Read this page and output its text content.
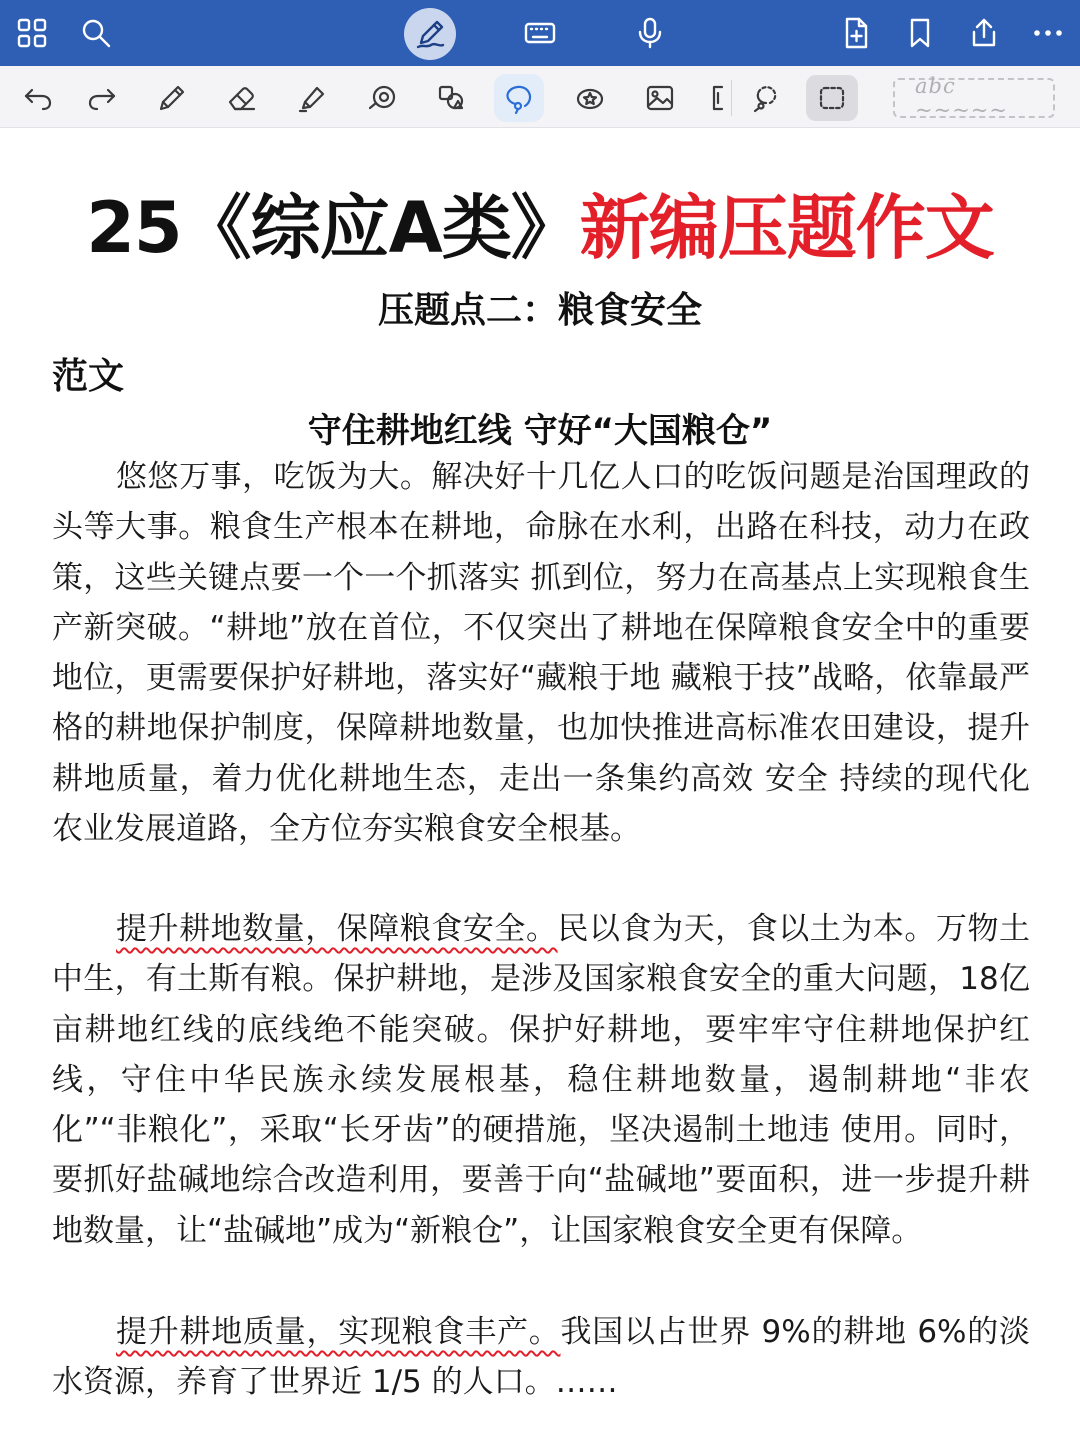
abc ~~~~~
25《综应A类》新编压题作文
压题点二：粮食安全
范文
守住耕地红线 守好“大国粮仓”
悠悠万事，吃饭为大。解决好十几亿人口的吃饭问题是治国理政的头等大事。粮食生产根本在耕地，命脉在水利，出路在科技，动力在政策，这些关键点要一个一个抓落实 抓到位，努力在高基点上实现粮食生产新突破。“耕地”放在首位，不仅突出了耕地在保障粮食安全中的重要地位，更需要保护好耕地，落实好“藏粮于地 藏粮于技”战略，依靠最严格的耕地保护制度，保障耕地数量，也加快推进高标准农田建设，提升耕地质量，着力优化耕地生态，走出一条集约高效 安全 持续的现代化农业发展道路，全方位夯实粮食安全根基。
提升耕地数量，保障粮食安全。民以食为天，食以土为本。万物土中生，有土斯有粮。保护耕地，是涉及国家粮食安全的重大问题，18亿亩耕地红线的底线绝不能突破。保护好耕地，要牢牢守住耕地保护红线，守住中华民族永续发展根基，稳住耕地数量，遏制耕地“非农化”“非粮化”，采取“长牙齿”的硬措施，坚决遏制土地违 使用。同时，要抓好盐碱地综合改造利用，要善于向“盐碱地”要面积，进一步提升耕地数量，让“盐碱地”成为“新粮仓”，让国家粮食安全更有保障。
提升耕地质量，实现粮食丰产。我国以占世界 9%的耕地 6%的淡水资源，养育了世界近 1/5 的人口。……
